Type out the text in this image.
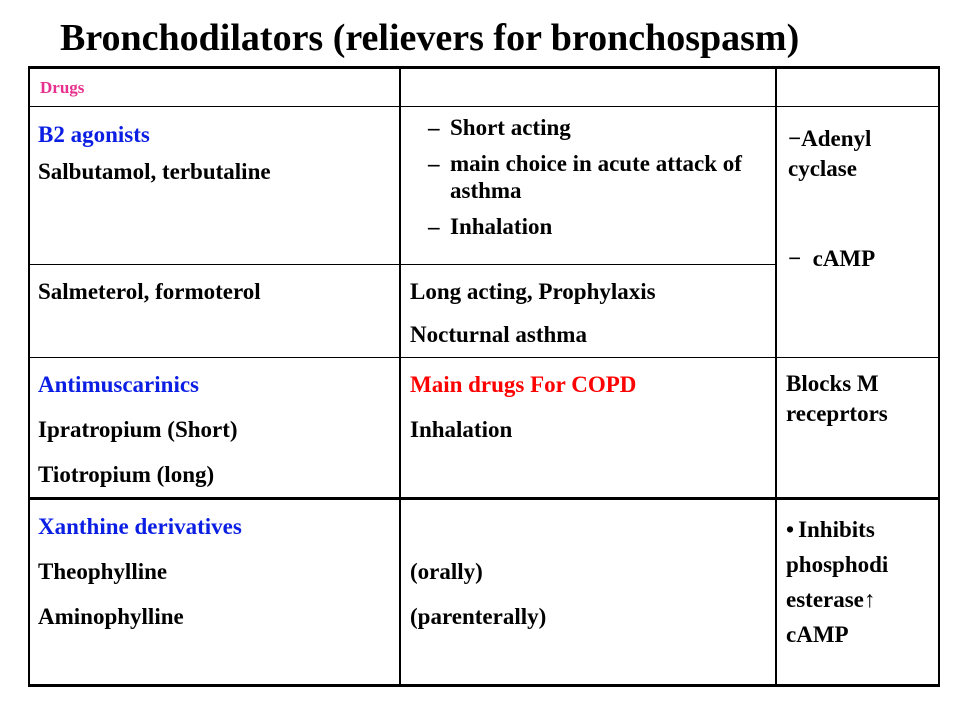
Bronchodilators (relievers for bronchospasm)
Drugs

B2 agonists

Salbutamol, terbutaline

– Short acting
– main choice in acute attack of asthma
– Inhalation

−Adenyl

cyclase

− cAMP

Salmeterol, formoterol	Long acting, Prophylaxis

Nocturnal asthma

Antimuscarinics

Ipratropium (Short)

Tiotropium (long)

Main drugs For COPD

Inhalation

Blocks M

receprtors

Xanthine derivatives

Theophylline

Aminophylline

(orally)

(parenterally)

• Inhibits

phosphodi

esterase↑

cAMP
